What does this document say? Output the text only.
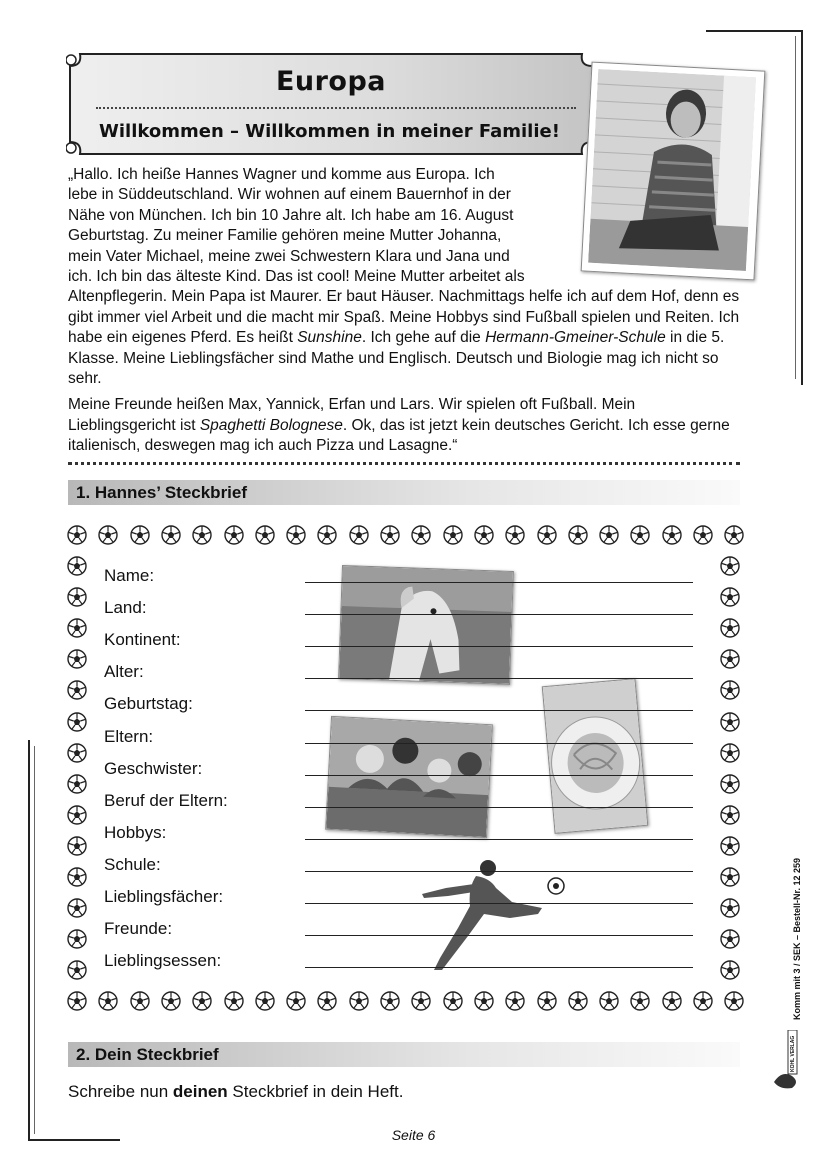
Europa
Willkommen – Willkommen in meiner Familie!

„Hallo. Ich heiße Hannes Wagner und komme aus Europa. Ich
lebe in Süddeutschland. Wir wohnen auf einem Bauernhof in der
Nähe von München. Ich bin 10 Jahre alt. Ich habe am 16. August
Geburtstag. Zu meiner Familie gehören meine Mutter Johanna,
mein Vater Michael, meine zwei Schwestern Klara und Jana und
ich. Ich bin das älteste Kind. Das ist cool! Meine Mutter arbeitet als
Altenpflegerin. Mein Papa ist Maurer. Er baut Häuser. Nachmittags helfe ich auf dem Hof, denn es gibt immer viel Arbeit und die macht mir Spaß. Meine Hobbys sind Fußball spielen und Reiten. Ich habe ein eigenes Pferd. Es heißt Sunshine. Ich gehe auf die Hermann-Gmeiner-Schule in die 5. Klasse. Meine Lieblingsfächer sind Mathe und Englisch. Deutsch und Biologie mag ich nicht so sehr.

Meine Freunde heißen Max, Yannick, Erfan und Lars. Wir spielen oft Fußball. Mein Lieblingsgericht ist Spaghetti Bolognese. Ok, das ist jetzt kein deutsches Gericht. Ich esse gerne italienisch, deswegen mag ich auch Pizza und Lasagne.“

1. Hannes’ Steckbrief
Name:
Land:
Kontinent:
Alter:
Geburtstag:
Eltern:
Geschwister:
Beruf der Eltern:
Hobbys:
Schule:
Lieblingsfächer:
Freunde:
Lieblingsessen:
2. Dein Steckbrief
Schreibe nun deinen Steckbrief in dein Heft.
Komm mit 3 / SEK – Bestell-Nr. 12 259
KOHL VERLAG
Seite 6
